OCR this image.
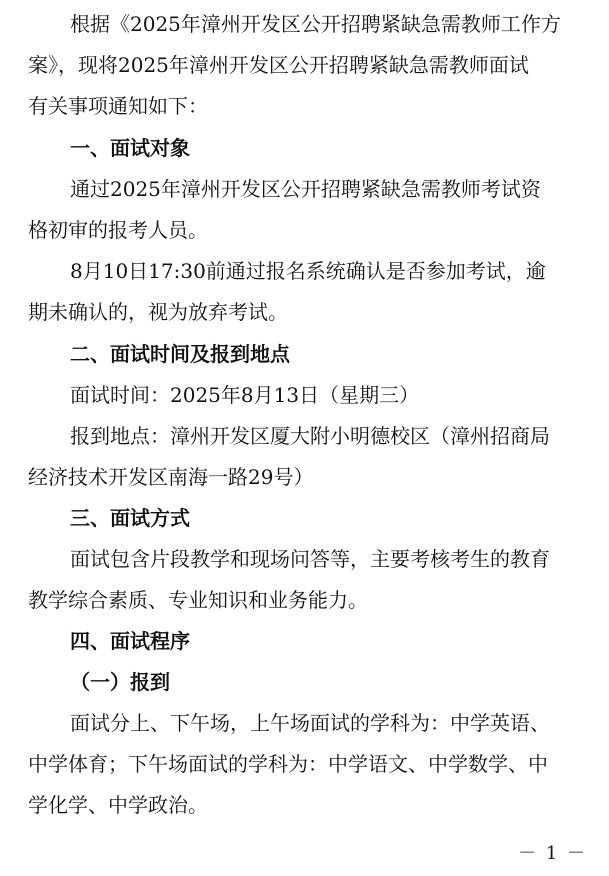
根据《2025年漳州开发区公开招聘紧缺急需教师工作方
案》，现将2025年漳州开发区公开招聘紧缺急需教师面试
有关事项通知如下：
一、面试对象
通过2025年漳州开发区公开招聘紧缺急需教师考试资
格初审的报考人员。
8月10日17:30前通过报名系统确认是否参加考试，逾
期未确认的，视为放弃考试。
二、面试时间及报到地点
面试时间：2025年8月13日（星期三）
报到地点：漳州开发区厦大附小明德校区（漳州招商局
经济技术开发区南海一路29号）
三、面试方式
面试包含片段教学和现场问答等，主要考核考生的教育
教学综合素质、专业知识和业务能力。
四、面试程序
（一）报到
面试分上、下午场，上午场面试的学科为：中学英语、
中学体育；下午场面试的学科为：中学语文、中学数学、中
学化学、中学政治。
－ 1 －
